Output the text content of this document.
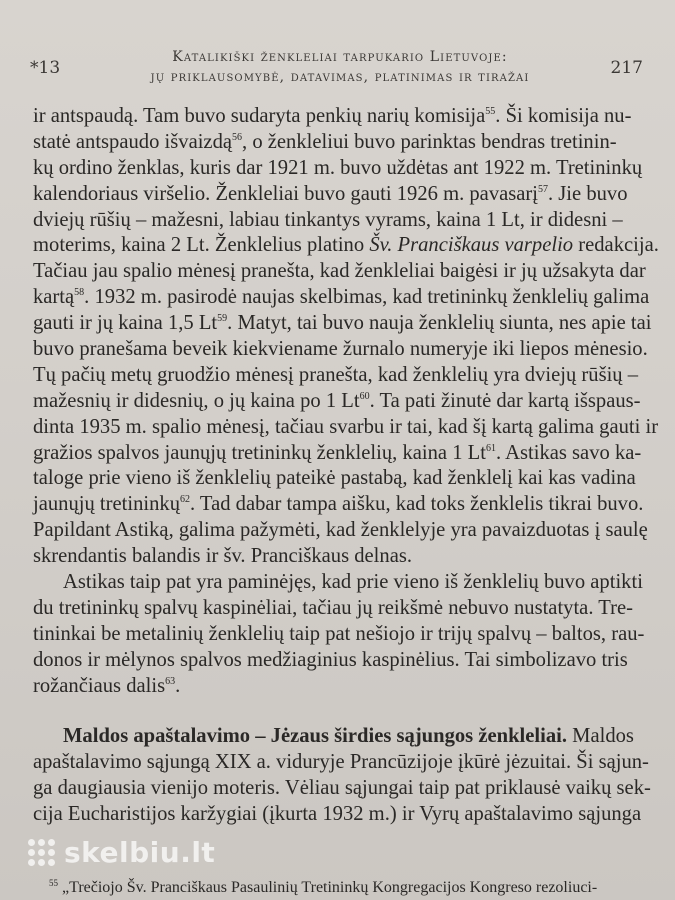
*13
Katalikiški ženkleliai tarpukario Lietuvoje:
jų priklausomybė, datavimas, platinimas ir tiražai	217
ir antspaudą. Tam buvo sudaryta penkių narių komisija$^{55}$. Ši komisija nu-
statė antspaudo išvaizdą$^{56}$, o ženkleliui buvo parinktas bendras tretinin-
kų ordino ženklas, kuris dar 1921 m. buvo uždėtas ant 1922 m. Tretininkų
kalendoriaus viršelio. Ženkleliai buvo gauti 1926 m. pavasarį$^{57}$. Jie buvo
dviejų rūšių – mažesni, labiau tinkantys vyrams, kaina 1 Lt, ir didesni –
moterims, kaina 2 Lt. Ženklelius platino Šv. Pranciškaus varpelio redakcija.
Tačiau jau spalio mėnesį pranešta, kad ženkleliai baigėsi ir jų užsakyta dar
kartą$^{58}$. 1932 m. pasirodė naujas skelbimas, kad tretininkų ženklelių galima
gauti ir jų kaina 1,5 Lt$^{59}$. Matyt, tai buvo nauja ženklelių siunta, nes apie tai
buvo pranešama beveik kiekviename žurnalo numeryje iki liepos mėnesio.
Tų pačių metų gruodžio mėnesį pranešta, kad ženklelių yra dviejų rūšių –
mažesnių ir didesnių, o jų kaina po 1 Lt$^{60}$. Ta pati žinutė dar kartą išspaus-
dinta 1935 m. spalio mėnesį, tačiau svarbu ir tai, kad šį kartą galima gauti ir
gražios spalvos jaunųjų tretininkų ženklelių, kaina 1 Lt$^{61}$. Astikas savo ka-
taloge prie vieno iš ženklelių pateikė pastabą, kad ženklelį kai kas vadina
jaunųjų tretininkų$^{62}$. Tad dabar tampa aišku, kad toks ženklelis tikrai buvo.
Papildant Astiką, galima pažymėti, kad ženklelyje yra pavaizduotas į saulę
skrendantis balandis ir šv. Pranciškaus delnas.
Astikas taip pat yra paminėjęs, kad prie vieno iš ženklelių buvo aptikti
du tretininkų spalvų kaspinėliai, tačiau jų reikšmė nebuvo nustatyta. Tre-
tininkai be metalinių ženklelių taip pat nešiojo ir trijų spalvų – baltos, rau-
donos ir mėlynos spalvos medžiaginius kaspinėlius. Tai simbolizavo tris
rožančiaus dalis$^{63}$.
Maldos apaštalavimo – Jėzaus širdies sąjungos ženkleliai. Maldos
apaštalavimo sąjungą XIX a. viduryje Prancūzijoje įkūrė jėzuitai. Ši sąjun-
ga daugiausia vienijo moteris. Vėliau sąjungai taip pat priklausė vaikų sek-
cija Eucharistijos karžygiai (įkurta 1932 m.) ir Vyrų apaštalavimo sąjunga
$^{55}$ „Trečiojo Šv. Pranciškaus Pasaulinių Tretininkų Kongregacijos Kongreso rezoliuci-
skelbiu.lt
